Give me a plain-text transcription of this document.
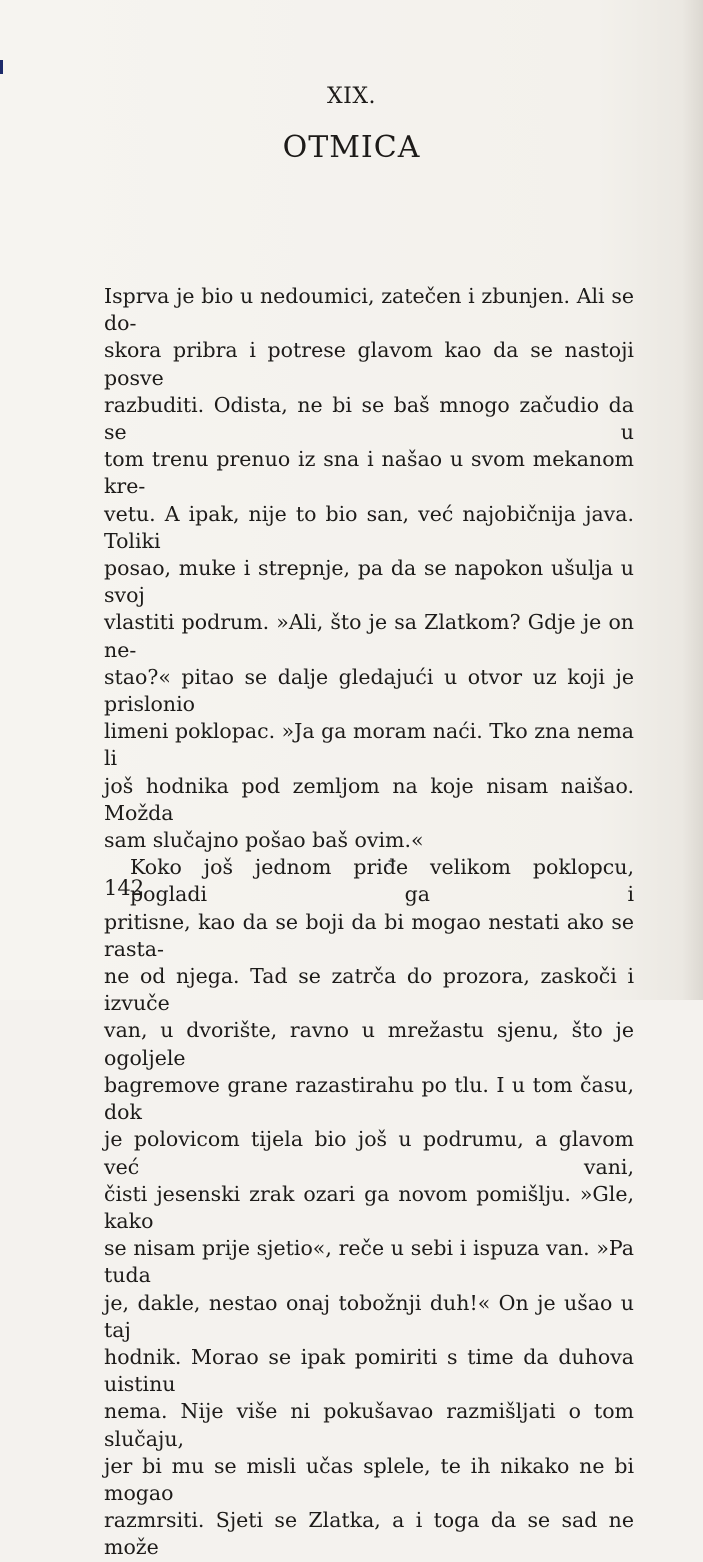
XIX.
OTMICA

Isprva je bio u nedoumici, zatečen i zbunjen. Ali se do-

skora pribra i potrese glavom kao da se nastoji posve

razbuditi. Odista, ne bi se baš mnogo začudio da se u

tom trenu prenuo iz sna i našao u svom mekanom kre-

vetu. A ipak, nije to bio san, već najobičnija java. Toliki

posao, muke i strepnje, pa da se napokon ušulja u svoj

vlastiti podrum. »Ali, što je sa Zlatkom? Gdje je on ne-

stao?« pitao se dalje gledajući u otvor uz koji je prislonio

limeni poklopac. »Ja ga moram naći. Tko zna nema li

još hodnika pod zemljom na koje nisam naišao. Možda

sam slučajno pošao baš ovim.«

Koko još jednom priđe velikom poklopcu, pogladi ga i

pritisne, kao da se boji da bi mogao nestati ako se rasta-

ne od njega. Tad se zatrča do prozora, zaskoči i izvuče

van, u dvorište, ravno u mrežastu sjenu, što je ogoljele

bagremove grane razastirahu po tlu. I u tom času, dok

je polovicom tijela bio još u podrumu, a glavom već vani,

čisti jesenski zrak ozari ga novom pomišlju. »Gle, kako

se nisam prije sjetio«, reče u sebi i ispuza van. »Pa tuda

je, dakle, nestao onaj tobožnji duh!« On je ušao u taj

hodnik. Morao se ipak pomiriti s time da duhova uistinu

nema. Nije više ni pokušavao razmišljati o tom slučaju,

jer bi mu se misli učas splele, te ih nikako ne bi mogao

razmrsiti. Sjeti se Zlatka, a i toga da se sad ne može

142
